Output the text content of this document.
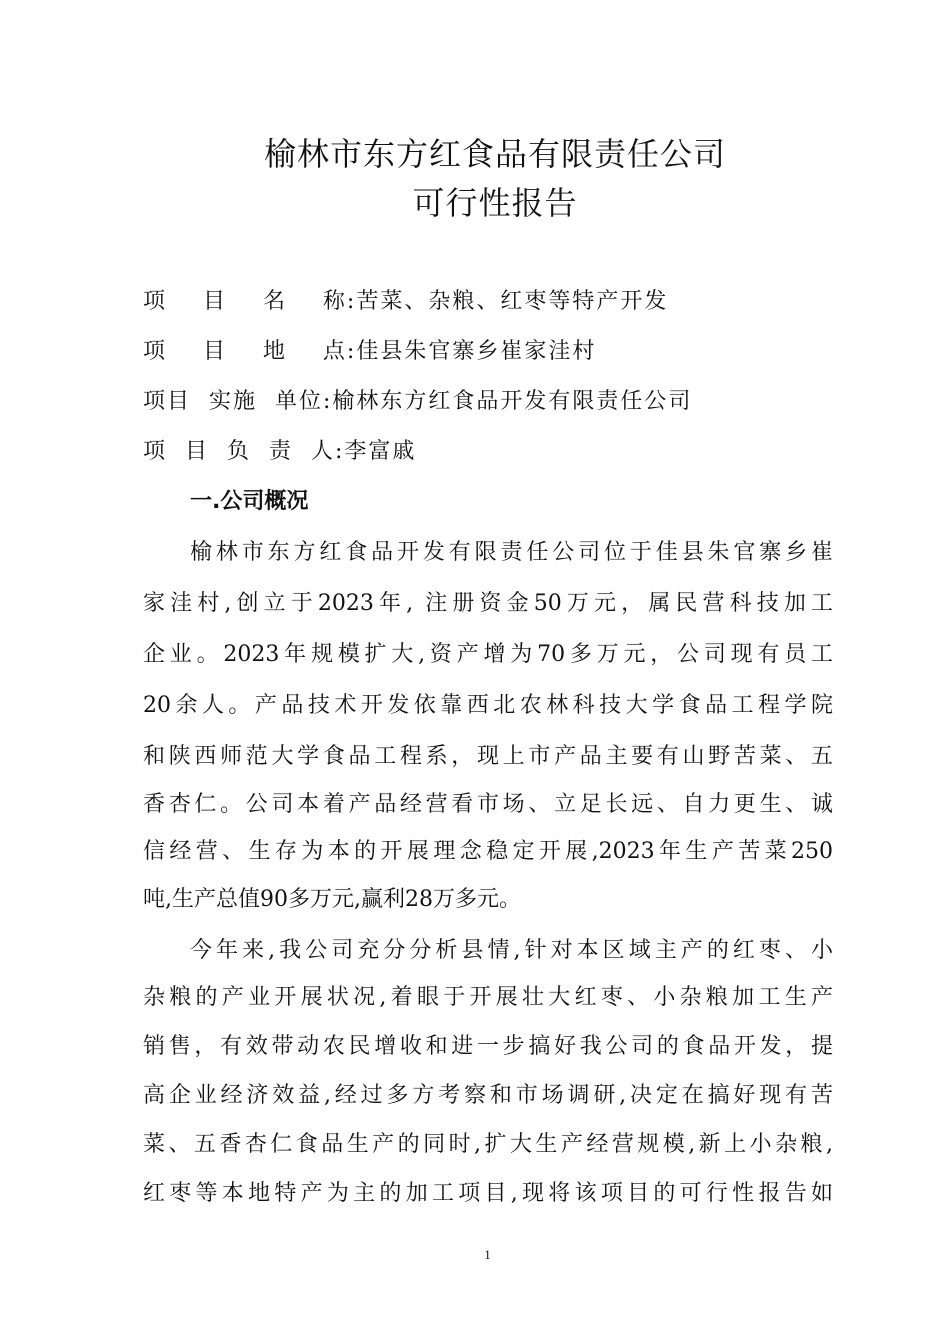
榆林市东方红食品有限责任公司
可行性报告
项    目    名    称:苦菜、杂粮、红枣等特产开发
项    目    地    点:佳县朱官寨乡崔家洼村
项目  实施  单位:榆林东方红食品开发有限责任公司
项  目  负  责  人:李富戚
一.公司概况
榆林市东方红食品开发有限责任公司位于佳县朱官寨乡崔
家洼村,创立于2023年, 注册资金50万元，属民营科技加工
企业。2023年规模扩大,资产增为70多万元，公司现有员工
20余人。产品技术开发依靠西北农林科技大学食品工程学院
和陕西师范大学食品工程系，现上市产品主要有山野苦菜、五
香杏仁。公司本着产品经营看市场、立足长远、自力更生、诚
信经营、生存为本的开展理念稳定开展,2023年生产苦菜250
吨,生产总值90多万元,赢利28万多元。
今年来,我公司充分分析县情,针对本区域主产的红枣、小
杂粮的产业开展状况,着眼于开展壮大红枣、小杂粮加工生产
销售，有效带动农民增收和进一步搞好我公司的食品开发，提
高企业经济效益,经过多方考察和市场调研,决定在搞好现有苦
菜、五香杏仁食品生产的同时,扩大生产经营规模,新上小杂粮,
红枣等本地特产为主的加工项目,现将该项目的可行性报告如
1
